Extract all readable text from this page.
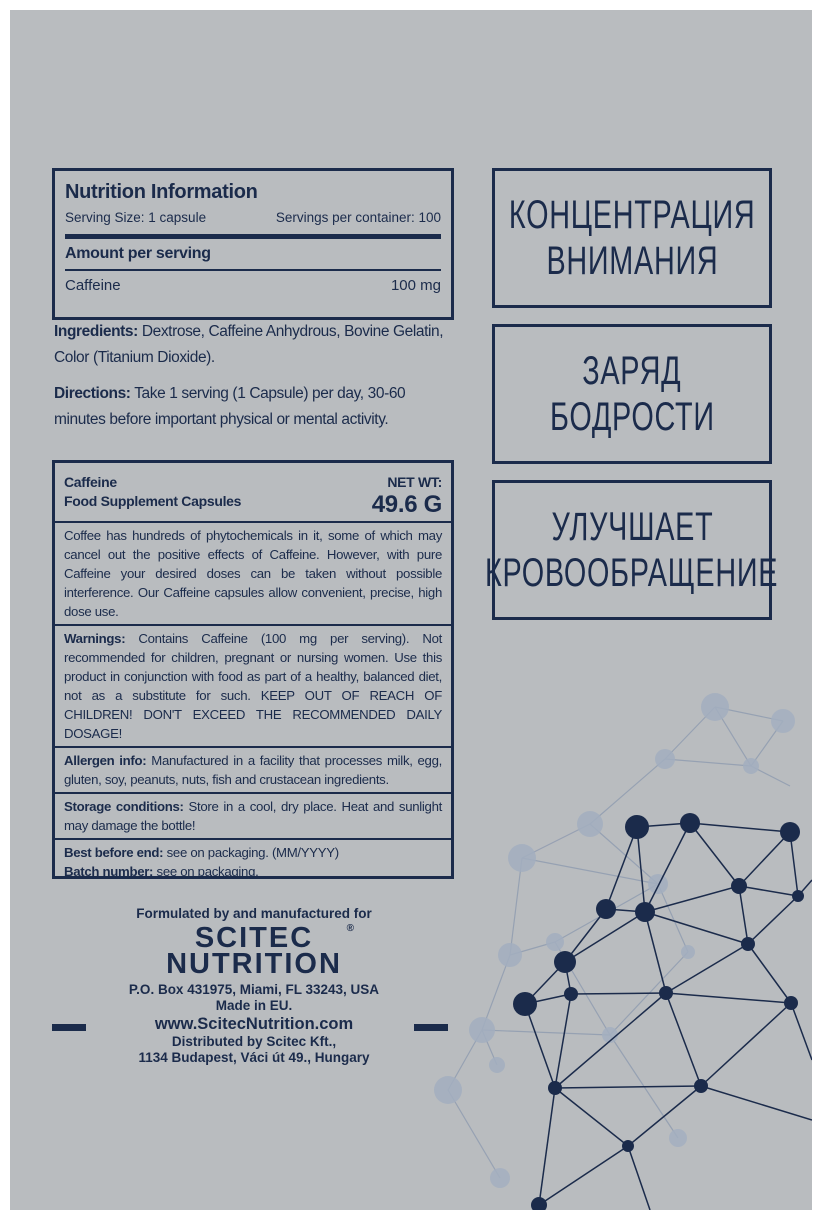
Nutrition Information
Serving Size: 1 capsule	Servings per container: 100
Amount per serving
Caffeine	100 mg
Ingredients: Dextrose, Caffeine Anhydrous, Bovine Gelatin, Color (Titanium Dioxide).
Directions: Take 1 serving (1 Capsule) per day, 30-60 minutes before important physical or mental activity.
Caffeine
Food Supplement Capsules
NET WT:
49.6 G

Coffee has hundreds of phytochemicals in it, some of which may cancel out the positive effects of Caffeine. However, with pure Caffeine your desired doses can be taken without possible interference. Our Caffeine capsules allow convenient, precise, high dose use.

Warnings: Contains Caffeine (100 mg per serving). Not recommended for children, pregnant or nursing women. Use this product in conjunction with food as part of a healthy, balanced diet, not as a substitute for such. KEEP OUT OF REACH OF CHILDREN! DON'T EXCEED THE RECOMMENDED DAILY DOSAGE!

Allergen info: Manufactured in a facility that processes milk, egg, gluten, soy, peanuts, nuts, fish and crustacean ingredients.

Storage conditions: Store in a cool, dry place. Heat and sunlight may damage the bottle!

Best before end: see on packaging. (MM/YYYY)

Batch number: see on packaging.

КОНЦЕНТРАЦИЯ
ВНИМАНИЯ
ЗАРЯД
БОДРОСТИ
УЛУЧШАЕТ
КРОВООБРАЩЕНИЕ
Formulated by and manufactured for
SCITEC
NUTRITION
®
P.O. Box 431975, Miami, FL 33243, USA
Made in EU.
www.ScitecNutrition.com
Distributed by Scitec Kft.,
1134 Budapest, Váci út 49., Hungary
